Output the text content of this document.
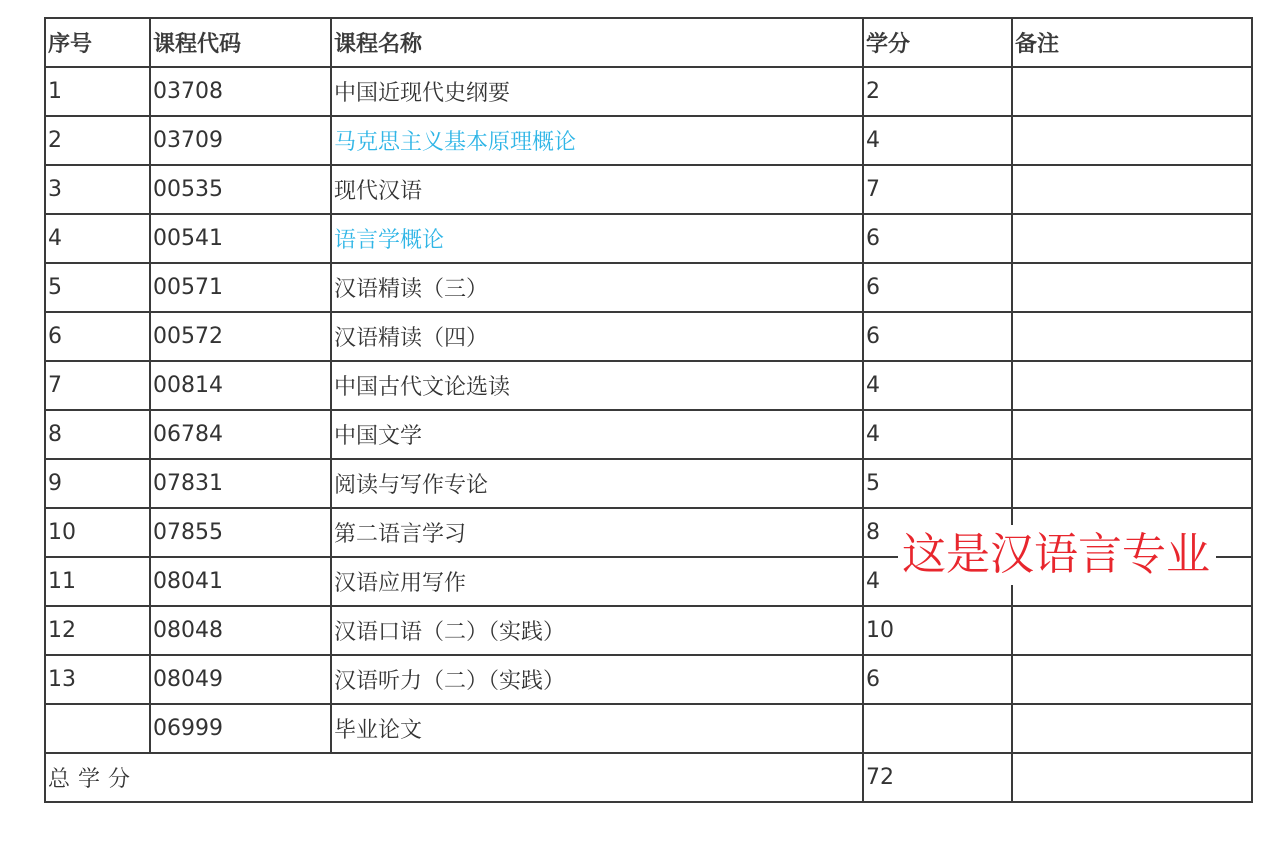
序号	课程代码	课程名称	学分	备注
1	03708	中国近现代史纲要	2	
2	03709	马克思主义基本原理概论	4	
3	00535	现代汉语	7	
4	00541	语言学概论	6	
5	00571	汉语精读（三）	6	
6	00572	汉语精读（四）	6	
7	00814	中国古代文论选读	4	
8	06784	中国文学	4	
9	07831	阅读与写作专论	5	
10	07855	第二语言学习	8	
11	08041	汉语应用写作	4	
12	08048	汉语口语（二）（实践）	10	
13	08049	汉语听力（二）（实践）	6	
	06999	毕业论文		
总学分			72	
这是汉语言专业
